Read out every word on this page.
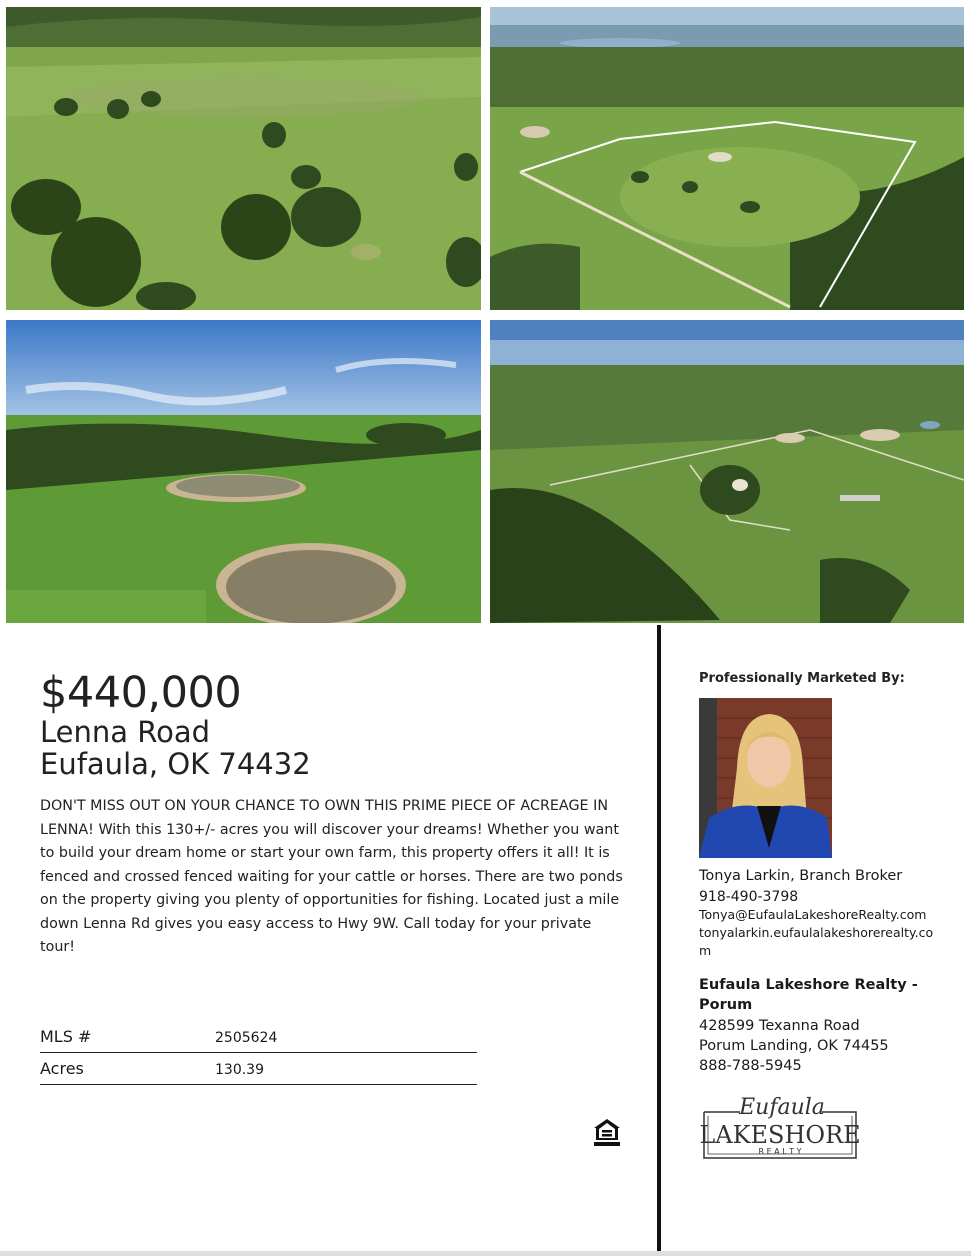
$440,000
Lenna Road
Eufaula, OK 74432
DON'T MISS OUT ON YOUR CHANCE TO OWN THIS PRIME PIECE OF ACREAGE IN LENNA! With this 130+/- acres you will discover your dreams! Whether you want to build your dream home or start your own farm, this property offers it all! It is fenced and crossed fenced waiting for your cattle or horses. There are two ponds on the property giving you plenty of opportunities for fishing. Located just a mile down Lenna Rd gives you easy access to Hwy 9W. Call today for your private tour!
MLS #	2505624
Acres	130.39
Professionally Marketed By:
Tonya Larkin, Branch Broker
918-490-3798
Tonya@EufaulaLakeshoreRealty.com
tonyalarkin.eufaulalakeshorerealty.com
Eufaula Lakeshore Realty - Porum
428599 Texanna Road
Porum Landing, OK 74455
888-788-5945
Eufaula
LAKESHORE
R E A L T Y
